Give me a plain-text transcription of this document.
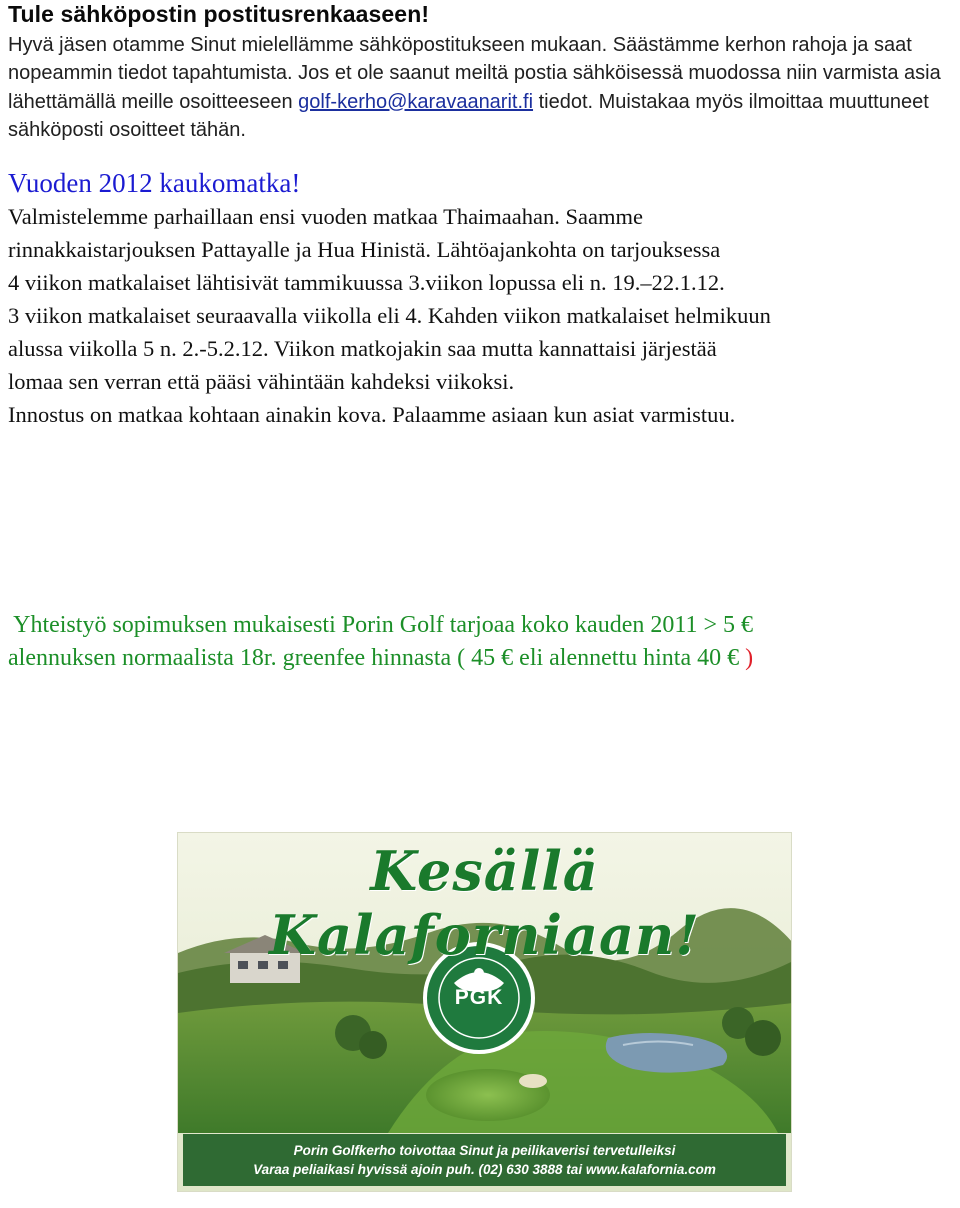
Tule sähköpostin postitusrenkaaseen!

Hyvä jäsen otamme Sinut mielellämme sähköpostitukseen mukaan. Säästämme kerhon rahoja ja saat nopeammin tiedot tapahtumista. Jos et ole saanut meiltä postia sähköisessä muodossa niin varmista asia lähettämällä meille osoitteeseen golf-kerho@karavaanarit.fi tiedot. Muistakaa myös ilmoittaa muuttuneet sähköposti osoitteet tähän.

Vuoden 2012 kaukomatka!
Valmistelemme parhaillaan ensi vuoden matkaa Thaimaahan. Saamme
rinnakkaistarjouksen Pattayalle ja Hua Hinistä. Lähtöajankohta on tarjouksessa
4 viikon matkalaiset lähtisivät tammikuussa 3.viikon lopussa eli n. 19.–22.1.12.
3 viikon matkalaiset seuraavalla viikolla eli 4. Kahden viikon matkalaiset helmikuun
alussa viikolla 5 n. 2.-5.2.12. Viikon matkojakin saa mutta kannattaisi järjestää
lomaa sen verran että pääsi vähintään kahdeksi viikoksi.
Innostus on matkaa kohtaan ainakin kova. Palaamme asiaan kun asiat varmistuu.
Yhteistyö sopimuksen mukaisesti Porin Golf tarjoaa koko kauden 2011 > 5 €
alennuksen normaalista 18r. greenfee hinnasta ( 45 € eli alennettu hinta 40 € )
Kesällä Kalaforniaan!
PGK
Porin Golfkerho toivottaa Sinut ja peilikaverisi tervetulleiksi
Varaa peliaikasi hyvissä ajoin puh. (02) 630 3888 tai www.kalafornia.com
